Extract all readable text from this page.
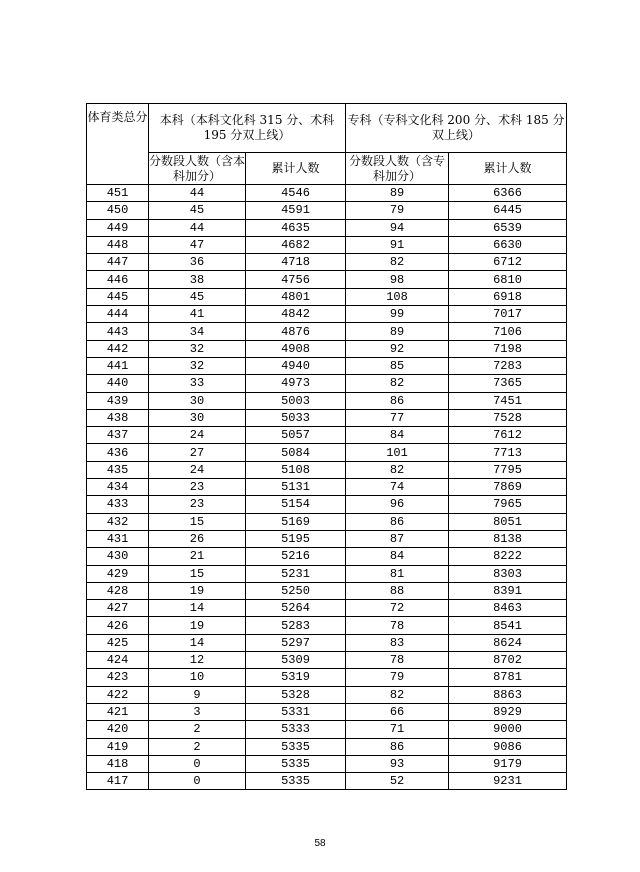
体育类总分	本科（本科文化科 315 分、术科 195 分双上线）		专科（专科文化科 200 分、术科 185 分双上线）	
	分数段人数（含本科加分）	累计人数	分数段人数（含专科加分）	累计人数
451	44	4546	89	6366
450	45	4591	79	6445
449	44	4635	94	6539
448	47	4682	91	6630
447	36	4718	82	6712
446	38	4756	98	6810
445	45	4801	108	6918
444	41	4842	99	7017
443	34	4876	89	7106
442	32	4908	92	7198
441	32	4940	85	7283
440	33	4973	82	7365
439	30	5003	86	7451
438	30	5033	77	7528
437	24	5057	84	7612
436	27	5084	101	7713
435	24	5108	82	7795
434	23	5131	74	7869
433	23	5154	96	7965
432	15	5169	86	8051
431	26	5195	87	8138
430	21	5216	84	8222
429	15	5231	81	8303
428	19	5250	88	8391
427	14	5264	72	8463
426	19	5283	78	8541
425	14	5297	83	8624
424	12	5309	78	8702
423	10	5319	79	8781
422	9	5328	82	8863
421	3	5331	66	8929
420	2	5333	71	9000
419	2	5335	86	9086
418	0	5335	93	9179
417	0	5335	52	9231
58
